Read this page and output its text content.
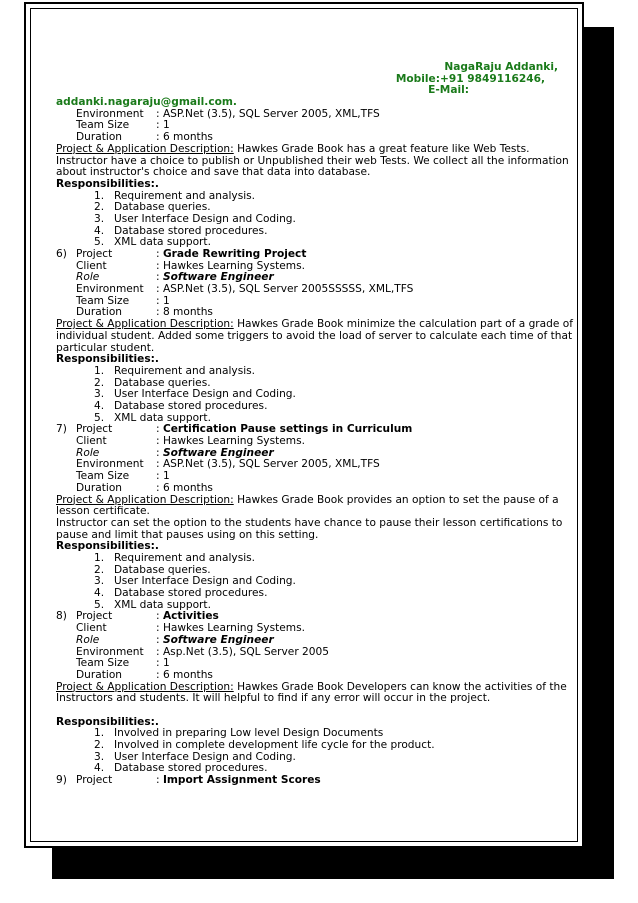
NagaRaju Addanki,
Mobile:+91 9849116246,
E-Mail:
addanki.nagaraju@gmail.com.
Environment	: ASP.Net (3.5), SQL Server 2005, XML,TFS
Team Size	: 1
Duration	: 6 months
Project & Application Description: Hawkes Grade Book has a great feature like Web Tests. Instructor have a choice to publish or Unpublished their web Tests. We collect all the information about instructor's choice and save that data into database.
Responsibilities:.
1. Requirement and analysis.
2. Database queries.
3. User Interface Design and Coding.
4. Database stored procedures.
5. XML data support.
6) Project	: Grade Rewriting Project
Client	: Hawkes Learning Systems.
Role	: Software Engineer
Environment	: ASP.Net (3.5), SQL Server 2005SSSSS, XML,TFS
Team Size	: 1
Duration	: 8 months
Project & Application Description: Hawkes Grade Book minimize the calculation part of a grade of individual student. Added some triggers to avoid the load of server to calculate each time of that particular student.
Responsibilities:.
1. Requirement and analysis.
2. Database queries.
3. User Interface Design and Coding.
4. Database stored procedures.
5. XML data support.
7) Project	: Certification Pause settings in Curriculum
Client	: Hawkes Learning Systems.
Role	: Software Engineer
Environment	: ASP.Net (3.5), SQL Server 2005, XML,TFS
Team Size	: 1
Duration	: 6 months
Project & Application Description: Hawkes Grade Book provides an option to set the pause of a lesson certificate.
Instructor can set the option to the students have chance to pause their lesson certifications to pause and limit that pauses using on this setting.
Responsibilities:.
1. Requirement and analysis.
2. Database queries.
3. User Interface Design and Coding.
4. Database stored procedures.
5. XML data support.
8) Project	: Activities
Client	: Hawkes Learning Systems.
Role	: Software Engineer
Environment	: Asp.Net (3.5), SQL Server 2005
Team Size	: 1
Duration	: 6 months
Project & Application Description: Hawkes Grade Book Developers can know the activities of the Instructors and students. It will helpful to find if any error will occur in the project.
Responsibilities:.
1. Involved in preparing Low level Design Documents
2. Involved in complete development life cycle for the product.
3. User Interface Design and Coding.
4. Database stored procedures.
9) Project	: Import Assignment Scores
